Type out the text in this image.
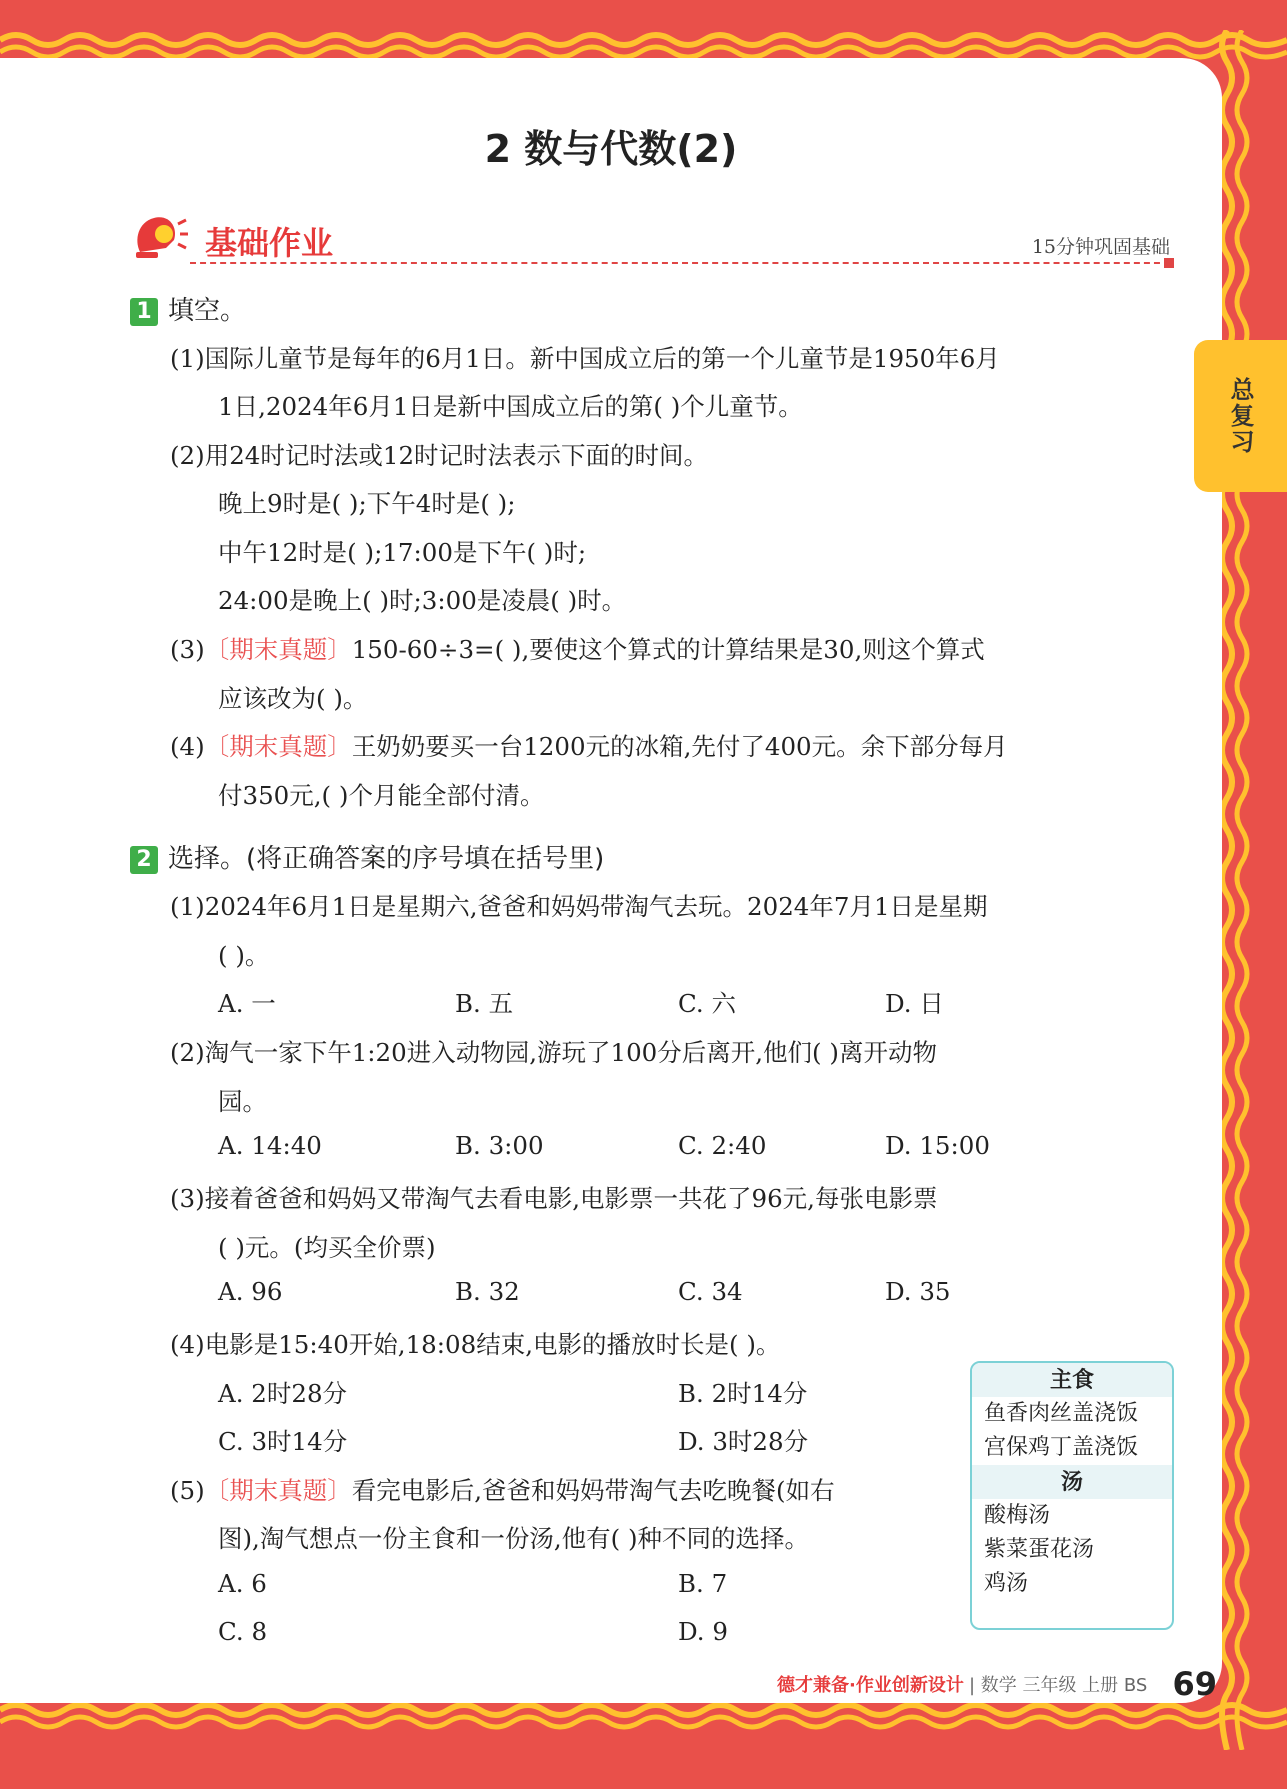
总复习
2 数与代数(2)
基础作业	15分钟巩固基础
1 填空。
(1)国际儿童节是每年的6月1日。新中国成立后的第一个儿童节是1950年6月
1日,2024年6月1日是新中国成立后的第( )个儿童节。
(2)用24时记时法或12时记时法表示下面的时间。
晚上9时是( );下午4时是( );
中午12时是( );17:00是下午( )时;
24:00是晚上( )时;3:00是凌晨( )时。
(3)〔期末真题〕150-60÷3=( ),要使这个算式的计算结果是30,则这个算式
应该改为( )。
(4)〔期末真题〕王奶奶要买一台1200元的冰箱,先付了400元。余下部分每月
付350元,( )个月能全部付清。
2 选择。(将正确答案的序号填在括号里)
(1)2024年6月1日是星期六,爸爸和妈妈带淘气去玩。2024年7月1日是星期
( )。
A. 一	B. 五	C. 六	D. 日
(2)淘气一家下午1:20进入动物园,游玩了100分后离开,他们( )离开动物
园。
A. 14:40	B. 3:00	C. 2:40	D. 15:00
(3)接着爸爸和妈妈又带淘气去看电影,电影票一共花了96元,每张电影票
( )元。(均买全价票)
A. 96	B. 32	C. 34	D. 35
(4)电影是15:40开始,18:08结束,电影的播放时长是( )。
A. 2时28分	B. 2时14分
C. 3时14分	D. 3时28分
(5)〔期末真题〕看完电影后,爸爸和妈妈带淘气去吃晚餐(如右
图),淘气想点一份主食和一份汤,他有( )种不同的选择。
A. 6	B. 7
C. 8	D. 9
主食
鱼香肉丝盖浇饭
宫保鸡丁盖浇饭
汤
酸梅汤
紫菜蛋花汤
鸡汤
德才兼备·作业创新设计 | 数学 三年级 上册 BS 69
